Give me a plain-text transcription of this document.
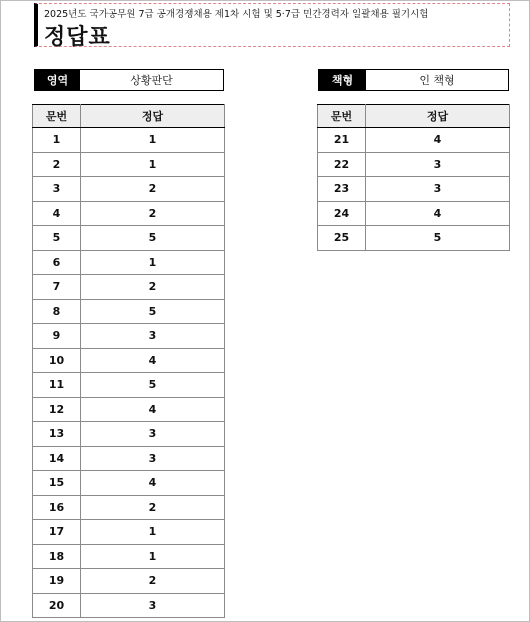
2025년도 국가공무원 7급 공개경쟁채용 제1차 시험 및 5·7급 민간경력자 일괄채용 필기시험
정답표
영역	상황판단	책형	인 책형
문번	정답
1	1
2	1
3	2
4	2
5	5
6	1
7	2
8	5
9	3
10	4
11	5
12	4
13	3
14	3
15	4
16	2
17	1
18	1
19	2
20	3
문번	정답
21	4
22	3
23	3
24	4
25	5
